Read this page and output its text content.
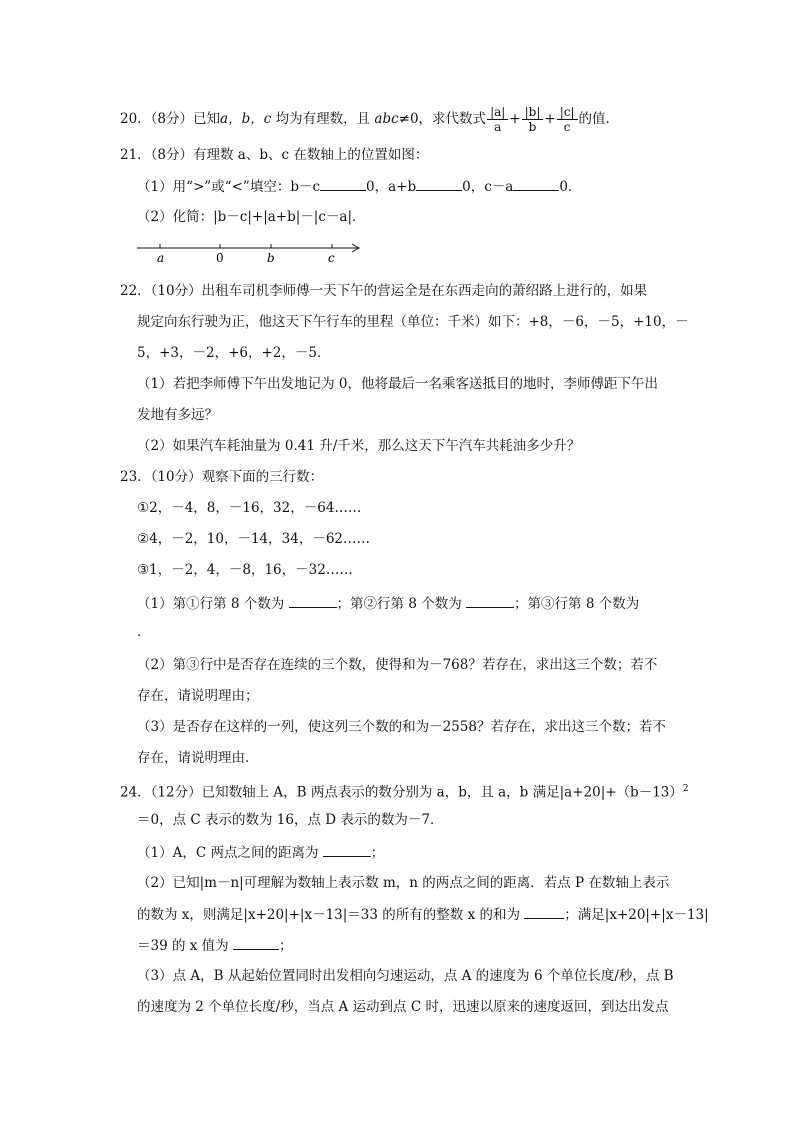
20．（8分）已知a，b，c 均为有理数，且 abc≠0，求代数式 $\frac{|a|}{a} + \frac{|b|}{b} + \frac{|c|}{c}$ 的值．
21．（8分）有理数 a、b、c 在数轴上的位置如图：
（1）用“>”或“<”填空：b－c	0，a+b	0，c－a	0．
（2）化简：|b－c|+|a+b|－|c－a|．
a	0	b	c
22．（10分）出租车司机李师傅一天下午的营运全是在东西走向的萧绍路上进行的，如果
规定向东行驶为正，他这天下午行车的里程（单位：千米）如下：+8，－6，－5，+10，－
5，+3，－2，+6，+2，－5．
（1）若把李师傅下午出发地记为 0，他将最后一名乘客送抵目的地时，李师傅距下午出
发地有多远？
（2）如果汽车耗油量为 0.41 升/千米，那么这天下午汽车共耗油多少升？
23．（10分）观察下面的三行数：
①2，－4，8，－16，32，－64……
②4，－2，10，－14，34，－62……
③1，－2，4，－8，16，－32……
（1）第①行第 8 个数为	；第②行第 8 个数为	；第③行第 8 个数为
．
（2）第③行中是否存在连续的三个数，使得和为－768？若存在，求出这三个数；若不
存在，请说明理由；
（3）是否存在这样的一列，使这列三个数的和为－2558？若存在，求出这三个数；若不
存在，请说明理由．
24．（12分）已知数轴上 A，B 两点表示的数分别为 a，b，且 a，b 满足$|a+20|+(b-13)^2$
＝0，点 C 表示的数为 16，点 D 表示的数为－7．
（1）A，C 两点之间的距离为	；
（2）已知|m－n|可理解为数轴上表示数 m，n 的两点之间的距离．若点 P 在数轴上表示
的数为 x，则满足|x+20|+|x－13|＝33 的所有的整数 x 的和为	；满足|x+20|+|x－13|
＝39 的 x 值为	；
（3）点 A，B 从起始位置同时出发相向匀速运动，点 A 的速度为 6 个单位长度/秒，点 B
的速度为 2 个单位长度/秒，当点 A 运动到点 C 时，迅速以原来的速度返回，到达出发点
